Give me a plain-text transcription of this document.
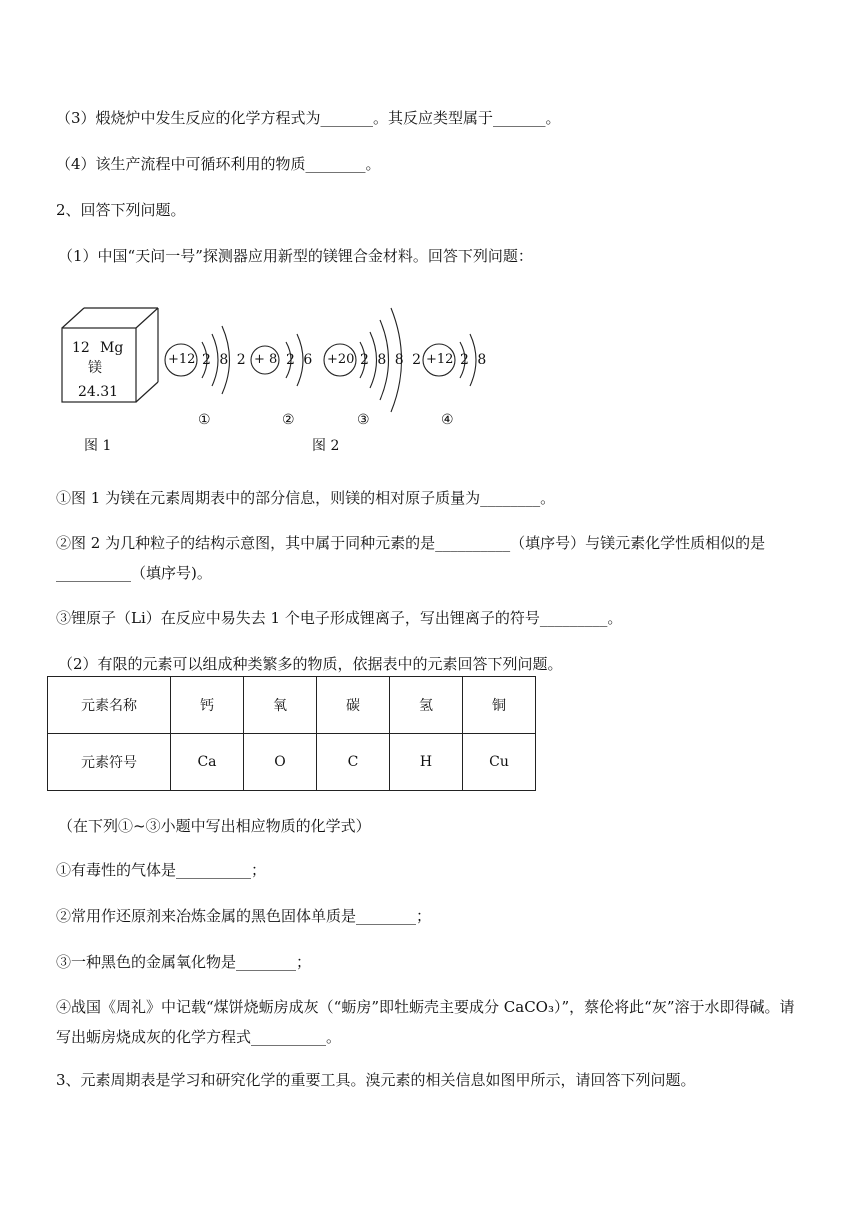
（3）煅烧炉中发生反应的化学方程式为_______。其反应类型属于_______。

（4）该生产流程中可循环利用的物质________。

2、回答下列问题。

（1）中国“天问一号”探测器应用新型的镁锂合金材料。回答下列问题：

12 Mg
镁
24.31
+12	+ 8	+20	+12
2 8 2	2 6	2 8 8 2	2 8
①	②	③	④
图 1	图 2

①图 1 为镁在元素周期表中的部分信息，则镁的相对原子质量为________。

②图 2 为几种粒子的结构示意图，其中属于同种元素的是__________（填序号）与镁元素化学性质相似的是__________（填序号)。

③锂原子（Li）在反应中易失去 1 个电子形成锂离子，写出锂离子的符号_________。

（2）有限的元素可以组成种类繁多的物质，依据表中的元素回答下列问题。

元素名称	钙	氧	碳	氢	铜
元素符号	Ca	O	C	H	Cu

（在下列①~③小题中写出相应物质的化学式）

①有毒性的气体是__________；

②常用作还原剂来冶炼金属的黑色固体单质是________；

③一种黑色的金属氧化物是________；

④战国《周礼》中记载“煤饼烧蛎房成灰（“蛎房”即牡蛎壳主要成分 CaCO₃）”，蔡伦将此“灰”溶于水即得碱。请写出蛎房烧成灰的化学方程式__________。

3、元素周期表是学习和研究化学的重要工具。溴元素的相关信息如图甲所示，请回答下列问题。
